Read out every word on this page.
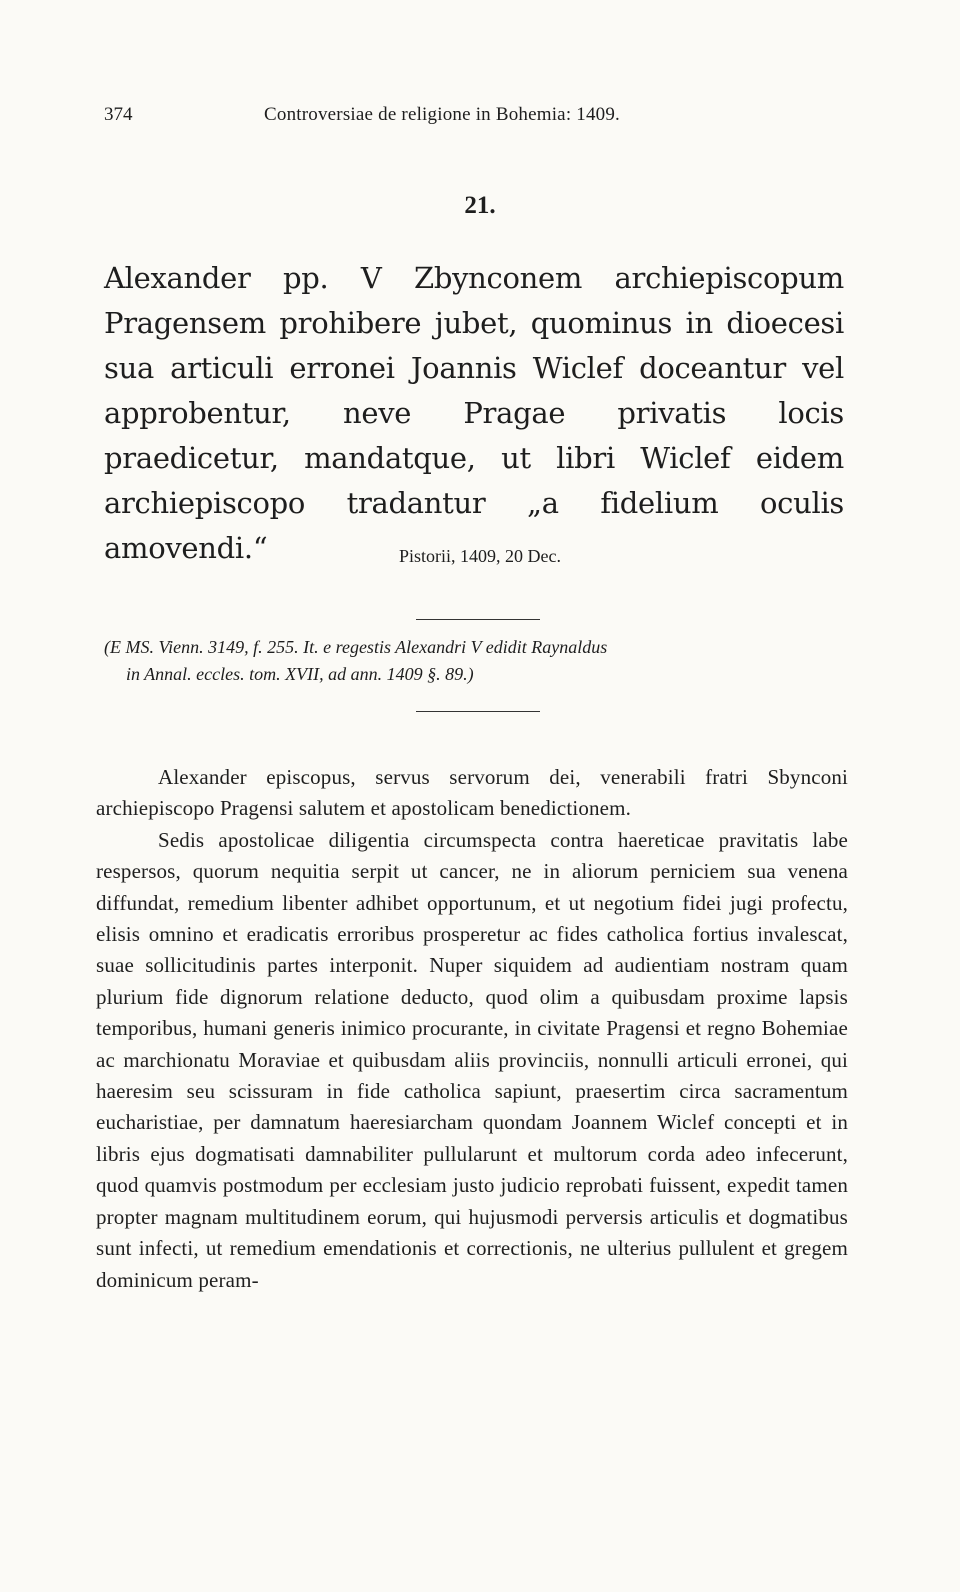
374	Controversiae de religione in Bohemia: 1409.
21.

Alexander pp. V Zbynconem archiepiscopum Pragensem prohibere jubet, quominus in dioecesi sua articuli erronei Joannis Wiclef doceantur vel approbentur, neve Pragae privatis locis praedicetur, mandatque, ut libri Wiclef eidem archiepiscopo tradantur „a fidelium oculis amovendi.“	Pistorii, 1409, 20 Dec.

(E MS. Vienn. 3149, f. 255. It. e regestis Alexandri V edidit Raynaldus
in Annal. eccles. tom. XVII, ad ann. 1409 §. 89.)

Alexander episcopus, servus servorum dei, venerabili fratri Sbynconi archiepiscopo Pragensi salutem et apostolicam benedictionem.

Sedis apostolicae diligentia circumspecta contra haereticae pravitatis labe respersos, quorum nequitia serpit ut cancer, ne in aliorum perniciem sua venena diffundat, remedium libenter adhibet opportunum, et ut negotium fidei jugi profectu, elisis omnino et eradicatis erroribus prosperetur ac fides catholica fortius invalescat, suae sollicitudinis partes interponit. Nuper siquidem ad audientiam nostram quam plurium fide dignorum relatione deducto, quod olim a quibusdam proxime lapsis temporibus, humani generis inimico procurante, in civitate Pragensi et regno Bohemiae ac marchionatu Moraviae et quibusdam aliis provinciis, nonnulli articuli erronei, qui haeresim seu scissuram in fide catholica sapiunt, praesertim circa sacramentum eucharistiae, per damnatum haeresiarcham quondam Joannem Wiclef concepti et in libris ejus dogmatisati damnabiliter pullularunt et multorum corda adeo infecerunt, quod quamvis postmodum per ecclesiam justo judicio reprobati fuissent, expedit tamen propter magnam multitudinem eorum, qui hujusmodi perversis articulis et dogmatibus sunt infecti, ut remedium emendationis et correctionis, ne ulterius pullulent et gregem dominicum peram-
